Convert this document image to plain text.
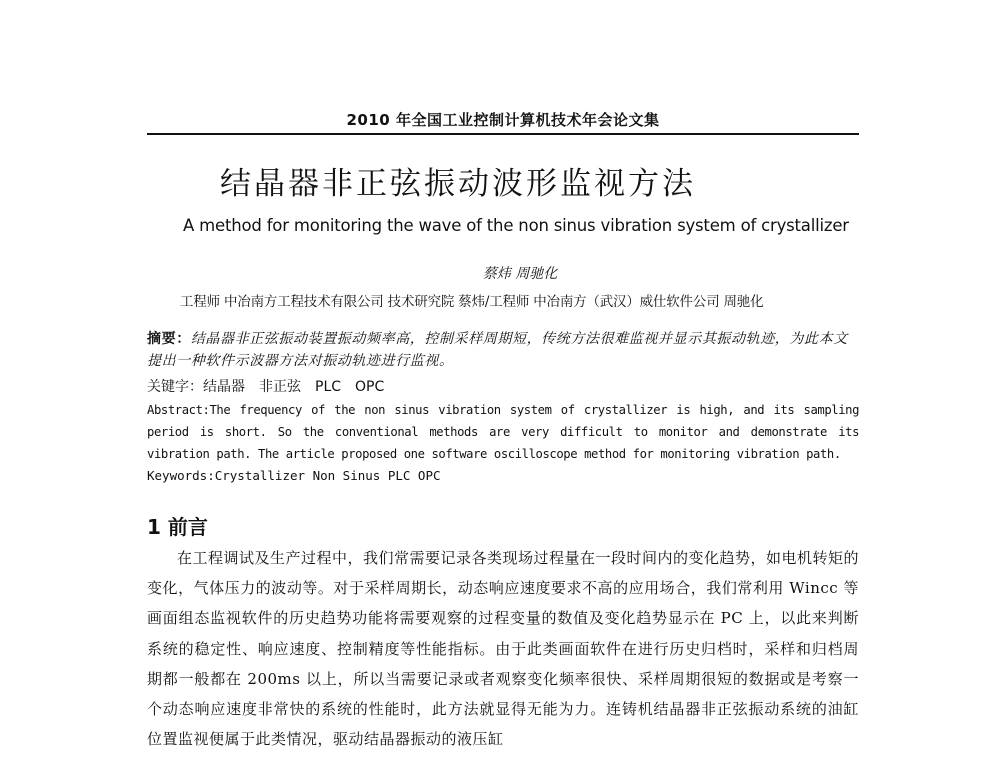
2010 年全国工业控制计算机技术年会论文集
结晶器非正弦振动波形监视方法
A method for monitoring the wave of the non sinus vibration system of crystallizer
蔡炜 周驰化
工程师 中冶南方工程技术有限公司 技术研究院 蔡炜/工程师 中冶南方（武汉）威仕软件公司 周驰化
摘要：结晶器非正弦振动装置振动频率高，控制采样周期短，传统方法很难监视并显示其振动轨迹，为此本文提出一种软件示波器方法对振动轨迹进行监视。
关键字：结晶器 非正弦 PLC OPC
Abstract:The frequency of the non sinus vibration system of crystallizer is high, and its sampling period is short. So the conventional methods are very difficult to monitor and demonstrate its vibration path. The article proposed one software oscilloscope method for monitoring vibration path.
Keywords:Crystallizer Non Sinus PLC OPC
1 前言
在工程调试及生产过程中，我们常需要记录各类现场过程量在一段时间内的变化趋势，如电机转矩的变化，气体压力的波动等。对于采样周期长，动态响应速度要求不高的应用场合，我们常利用 Wincc 等画面组态监视软件的历史趋势功能将需要观察的过程变量的数值及变化趋势显示在 PC 上，以此来判断系统的稳定性、响应速度、控制精度等性能指标。由于此类画面软件在进行历史归档时，采样和归档周期都一般都在 200ms 以上，所以当需要记录或者观察变化频率很快、采样周期很短的数据或是考察一个动态响应速度非常快的系统的性能时，此方法就显得无能为力。连铸机结晶器非正弦振动系统的油缸位置监视便属于此类情况，驱动结晶器振动的液压缸
